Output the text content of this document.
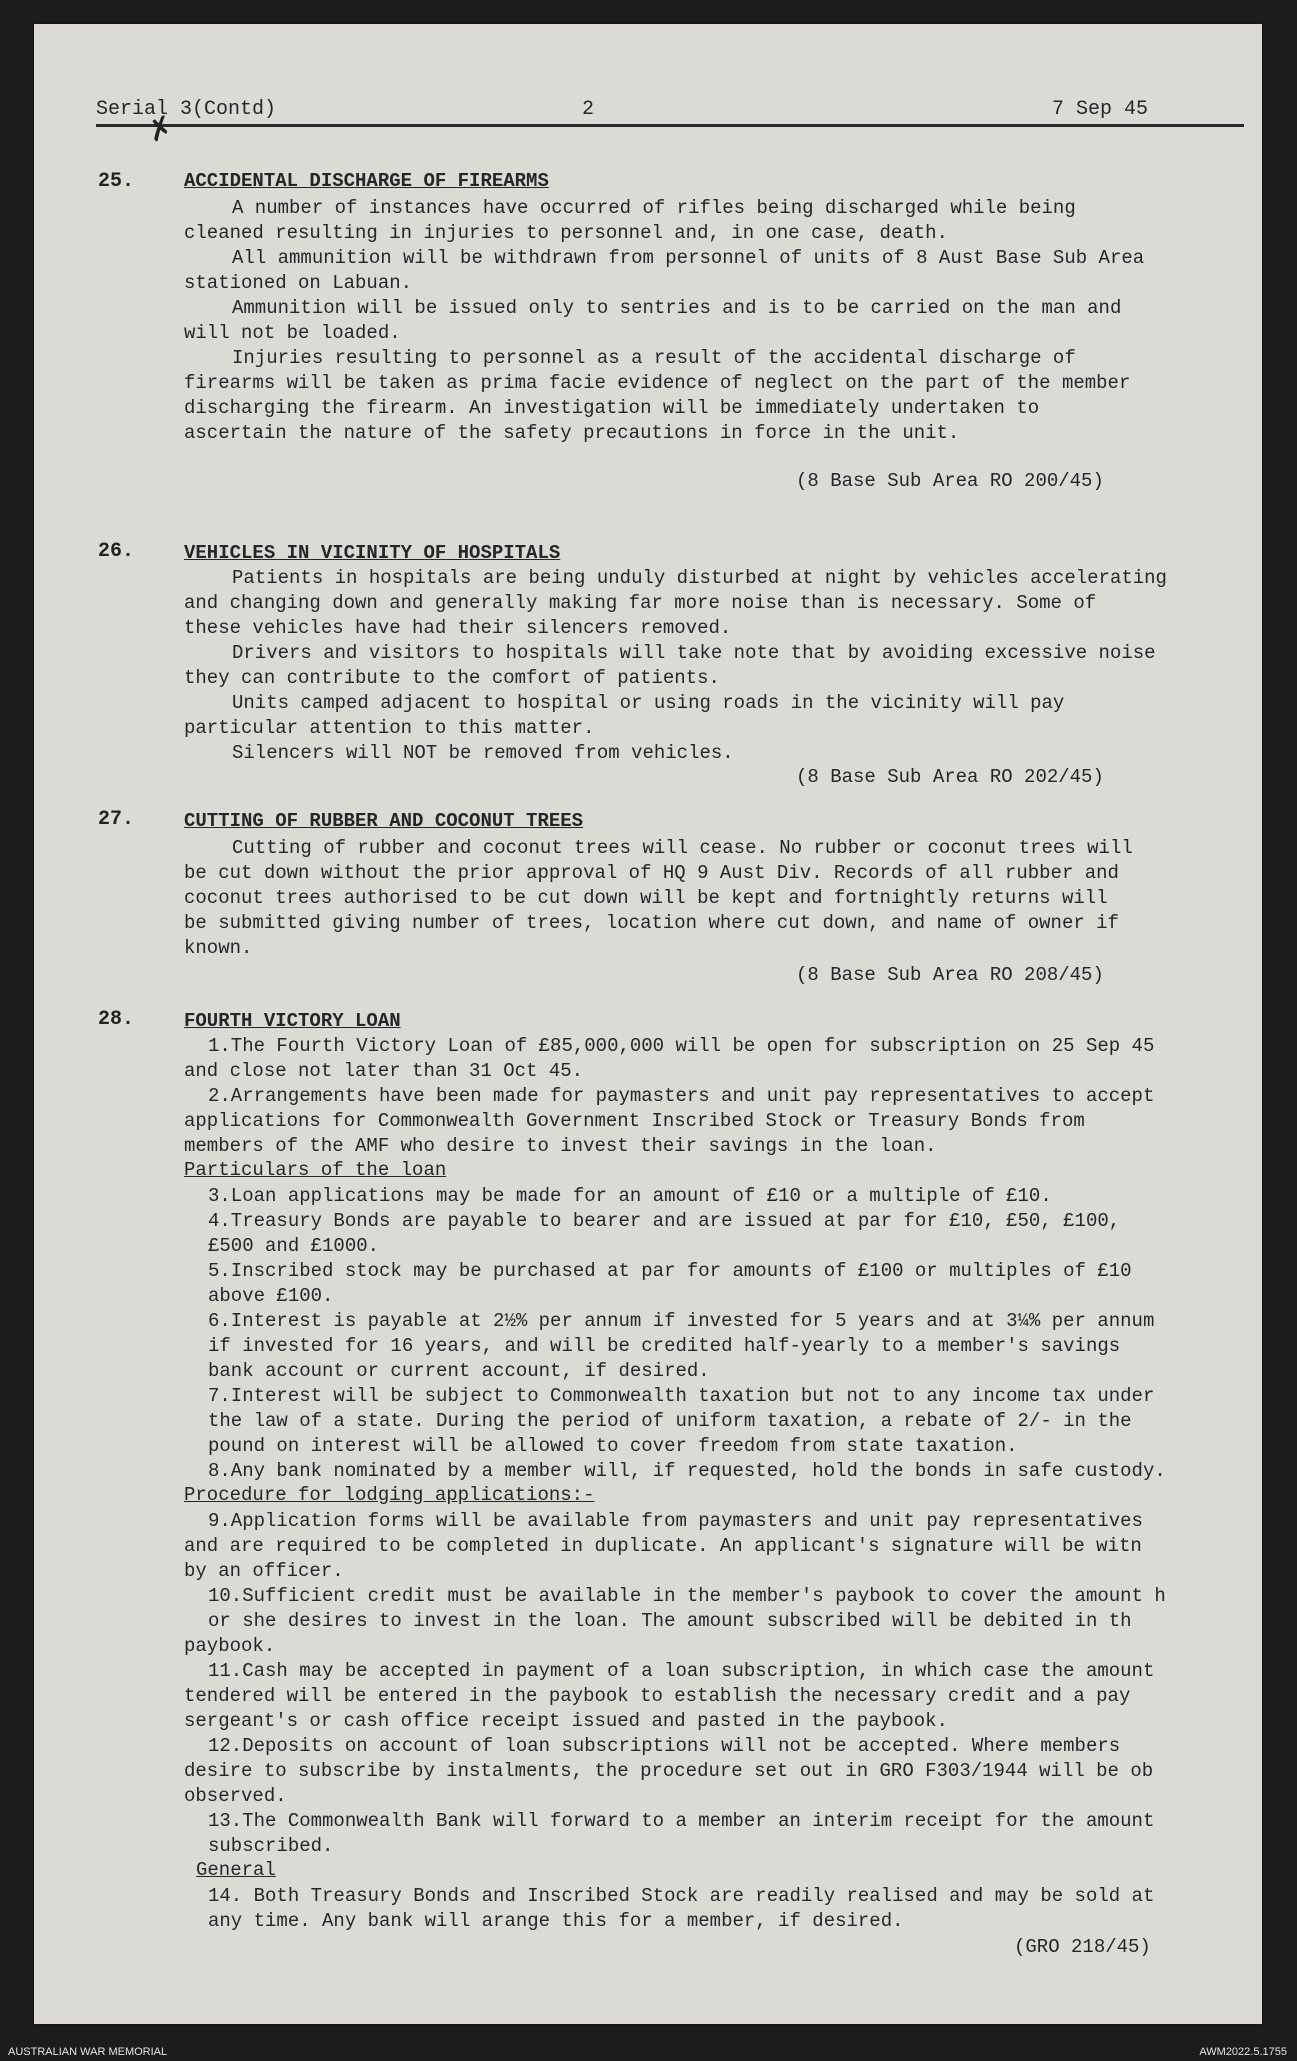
Serial 3(Contd)	2	7 Sep 45
✗
25.	ACCIDENTAL DISCHARGE OF FIREARMS
A number of instances have occurred of rifles being discharged while being
cleaned resulting in injuries to personnel and, in one case, death.
All ammunition will be withdrawn from personnel of units of 8 Aust Base Sub Area
stationed on Labuan.
Ammunition will be issued only to sentries and is to be carried on the man and
will not be loaded.
Injuries resulting to personnel as a result of the accidental discharge of
firearms will be taken as prima facie evidence of neglect on the part of the member
discharging the firearm. An investigation will be immediately undertaken to
ascertain the nature of the safety precautions in force in the unit.
(8 Base Sub Area RO 200/45)
26.	VEHICLES IN VICINITY OF HOSPITALS
Patients in hospitals are being unduly disturbed at night by vehicles accelerating
and changing down and generally making far more noise than is necessary. Some of
these vehicles have had their silencers removed.
Drivers and visitors to hospitals will take note that by avoiding excessive noise
they can contribute to the comfort of patients.
Units camped adjacent to hospital or using roads in the vicinity will pay
particular attention to this matter.
Silencers will NOT be removed from vehicles.
(8 Base Sub Area RO 202/45)
27.	CUTTING OF RUBBER AND COCONUT TREES
Cutting of rubber and coconut trees will cease. No rubber or coconut trees will
be cut down without the prior approval of HQ 9 Aust Div. Records of all rubber and
coconut trees authorised to be cut down will be kept and fortnightly returns will
be submitted giving number of trees, location where cut down, and name of owner if
known.
(8 Base Sub Area RO 208/45)
28.	FOURTH VICTORY LOAN
1.The Fourth Victory Loan of £85,000,000 will be open for subscription on 25 Sep 45
and close not later than 31 Oct 45.
2.Arrangements have been made for paymasters and unit pay representatives to accept
applications for Commonwealth Government Inscribed Stock or Treasury Bonds from
members of the AMF who desire to invest their savings in the loan.
Particulars of the loan
3.Loan applications may be made for an amount of £10 or a multiple of £10.
4.Treasury Bonds are payable to bearer and are issued at par for £10, £50, £100,
£500 and £1000.
5.Inscribed stock may be purchased at par for amounts of £100 or multiples of £10
above £100.
6.Interest is payable at 2½% per annum if invested for 5 years and at 3¼% per annum
if invested for 16 years, and will be credited half-yearly to a member's savings
bank account or current account, if desired.
7.Interest will be subject to Commonwealth taxation but not to any income tax under
the law of a state. During the period of uniform taxation, a rebate of 2/- in the
pound on interest will be allowed to cover freedom from state taxation.
8.Any bank nominated by a member will, if requested, hold the bonds in safe custody.
Procedure for lodging applications:-
9.Application forms will be available from paymasters and unit pay representatives
and are required to be completed in duplicate. An applicant's signature will be witn
by an officer.
10.Sufficient credit must be available in the member's paybook to cover the amount h
or she desires to invest in the loan. The amount subscribed will be debited in th
paybook.
11.Cash may be accepted in payment of a loan subscription, in which case the amount
tendered will be entered in the paybook to establish the necessary credit and a pay
sergeant's or cash office receipt issued and pasted in the paybook.
12.Deposits on account of loan subscriptions will not be accepted. Where members
desire to subscribe by instalments, the procedure set out in GRO F303/1944 will be ob
observed.
13.The Commonwealth Bank will forward to a member an interim receipt for the amount
subscribed.
General
14. Both Treasury Bonds and Inscribed Stock are readily realised and may be sold at
any time. Any bank will arange this for a member, if desired.
(GRO 218/45)
AUSTRALIAN WAR MEMORIAL	AWM2022.5.1755
